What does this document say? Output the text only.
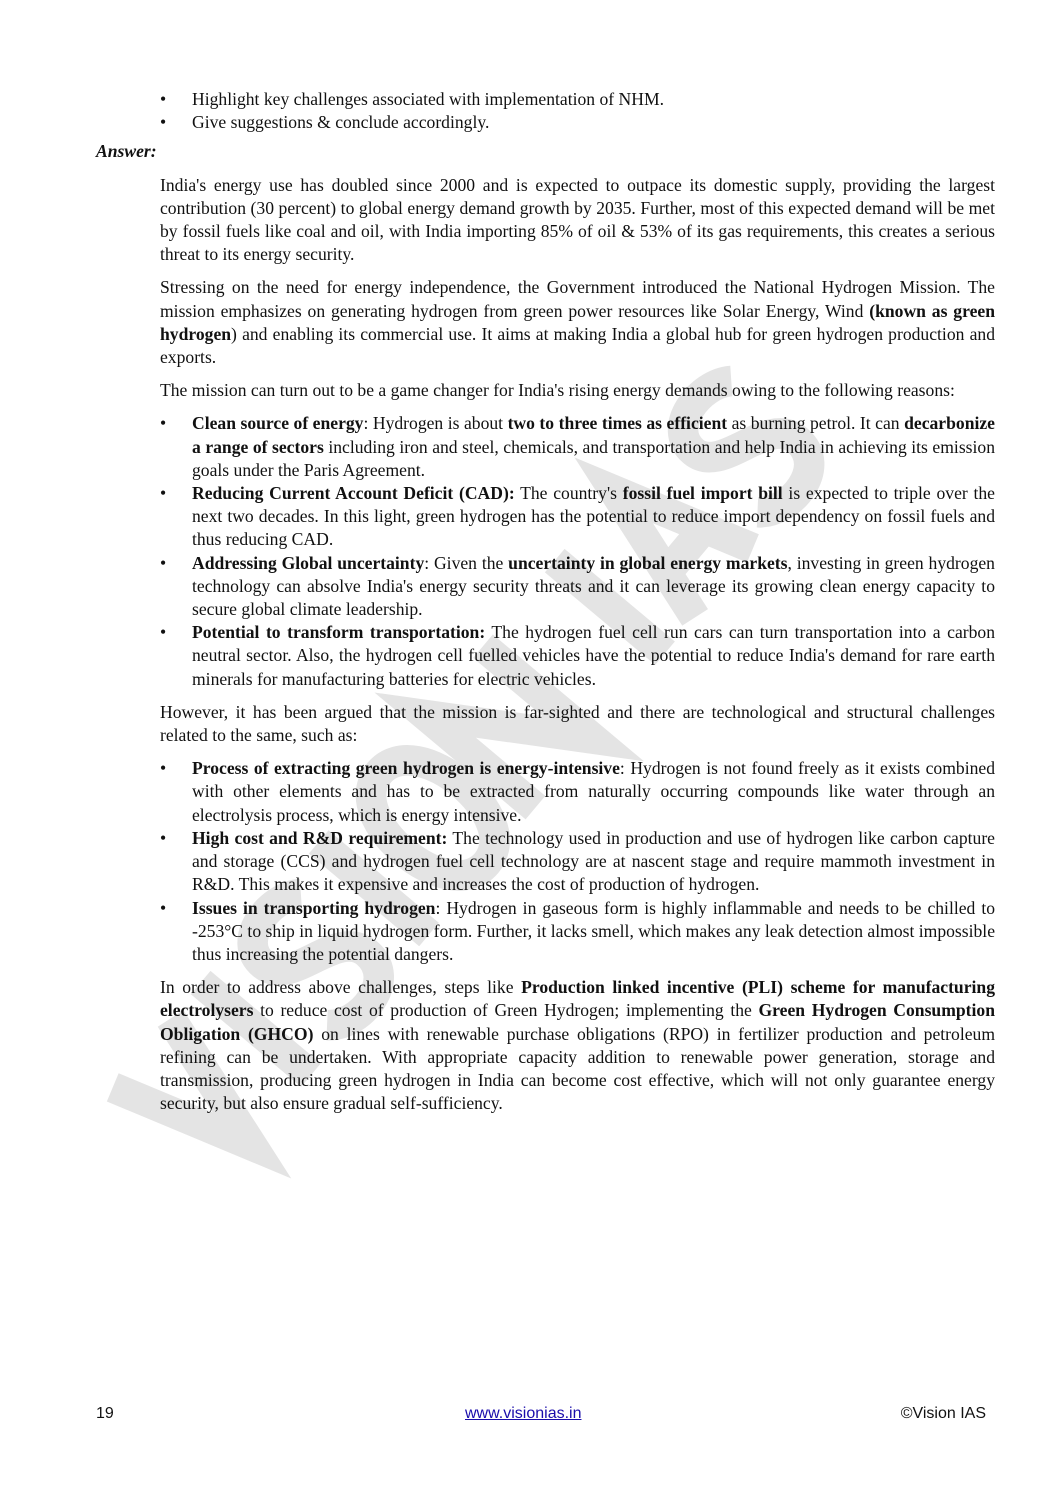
• Highlight key challenges associated with implementation of NHM.
• Give suggestions & conclude accordingly.
Answer:

India's energy use has doubled since 2000 and is expected to outpace its domestic supply, providing the largest contribution (30 percent) to global energy demand growth by 2035. Further, most of this expected demand will be met by fossil fuels like coal and oil, with India importing 85% of oil & 53% of its gas requirements, this creates a serious threat to its energy security.

Stressing on the need for energy independence, the Government introduced the National Hydrogen Mission. The mission emphasizes on generating hydrogen from green power resources like Solar Energy, Wind (known as green hydrogen) and enabling its commercial use. It aims at making India a global hub for green hydrogen production and exports.

The mission can turn out to be a game changer for India's rising energy demands owing to the following reasons:

• Clean source of energy: Hydrogen is about two to three times as efficient as burning petrol. It can decarbonize a range of sectors including iron and steel, chemicals, and transportation and help India in achieving its emission goals under the Paris Agreement.
• Reducing Current Account Deficit (CAD): The country's fossil fuel import bill is expected to triple over the next two decades. In this light, green hydrogen has the potential to reduce import dependency on fossil fuels and thus reducing CAD.
• Addressing Global uncertainty: Given the uncertainty in global energy markets, investing in green hydrogen technology can absolve India's energy security threats and it can leverage its growing clean energy capacity to secure global climate leadership.
• Potential to transform transportation: The hydrogen fuel cell run cars can turn transportation into a carbon neutral sector. Also, the hydrogen cell fuelled vehicles have the potential to reduce India's demand for rare earth minerals for manufacturing batteries for electric vehicles.

However, it has been argued that the mission is far-sighted and there are technological and structural challenges related to the same, such as:

• Process of extracting green hydrogen is energy-intensive: Hydrogen is not found freely as it exists combined with other elements and has to be extracted from naturally occurring compounds like water through an electrolysis process, which is energy intensive.
• High cost and R&D requirement: The technology used in production and use of hydrogen like carbon capture and storage (CCS) and hydrogen fuel cell technology are at nascent stage and require mammoth investment in R&D. This makes it expensive and increases the cost of production of hydrogen.
• Issues in transporting hydrogen: Hydrogen in gaseous form is highly inflammable and needs to be chilled to -253°C to ship in liquid hydrogen form. Further, it lacks smell, which makes any leak detection almost impossible thus increasing the potential dangers.

In order to address above challenges, steps like Production linked incentive (PLI) scheme for manufacturing electrolysers to reduce cost of production of Green Hydrogen; implementing the Green Hydrogen Consumption Obligation (GHCO) on lines with renewable purchase obligations (RPO) in fertilizer production and petroleum refining can be undertaken. With appropriate capacity addition to renewable power generation, storage and transmission, producing green hydrogen in India can become cost effective, which will not only guarantee energy security, but also ensure gradual self-sufficiency.

19	www.visionias.in	©Vision IAS
